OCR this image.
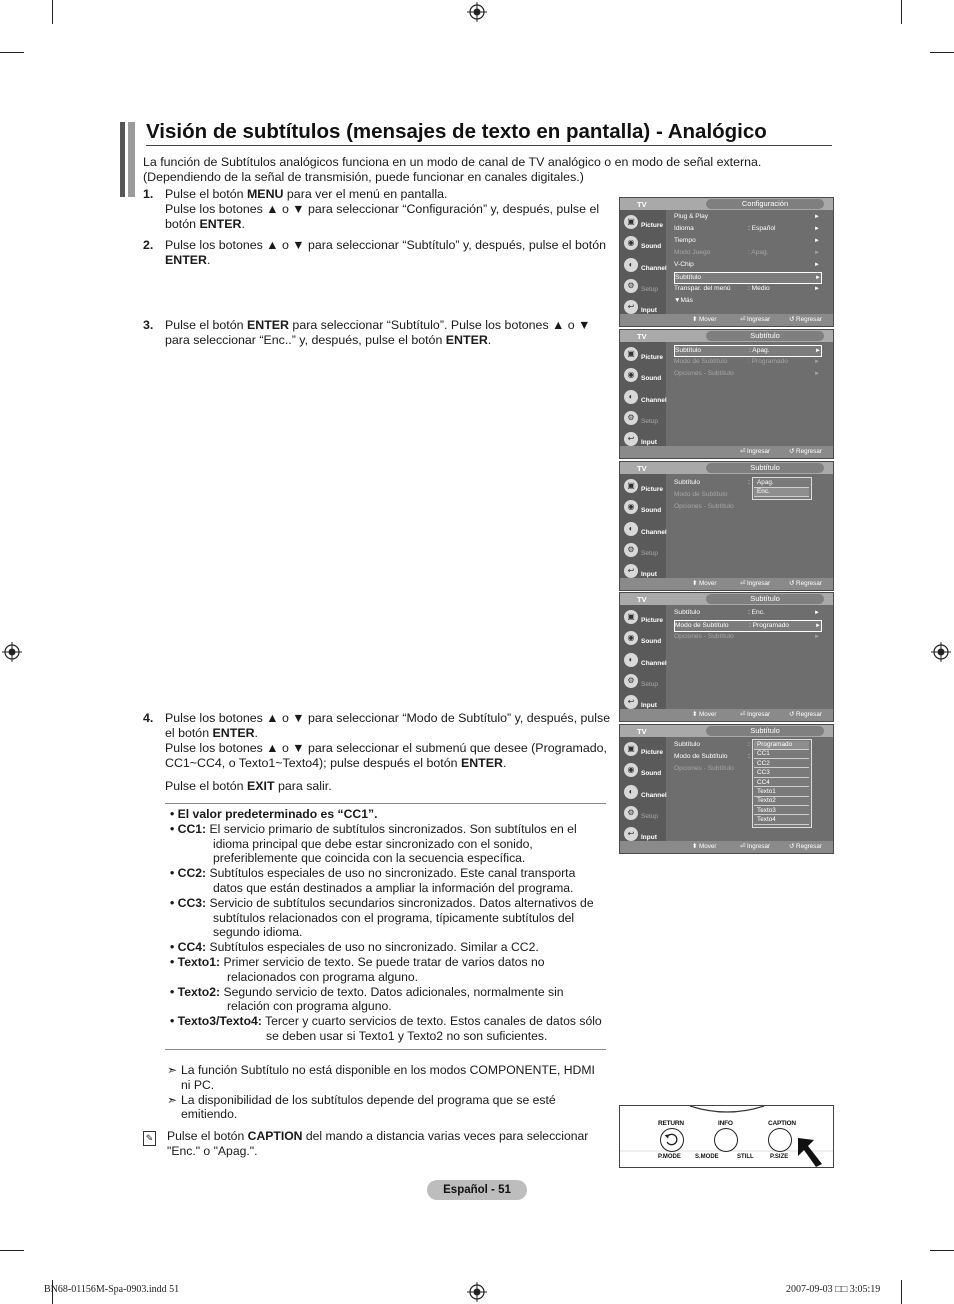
Visión de subtítulos (mensajes de texto en pantalla) - Analógico
La función de Subtítulos analógicos funciona en un modo de canal de TV analógico o en modo de señal externa. (Dependiendo de la señal de transmisión, puede funcionar en canales digitales.)
1. Pulse el botón MENU para ver el menú en pantalla.
Pulse los botones ▲ o ▼ para seleccionar “Configuración” y, después, pulse el botón ENTER.
2. Pulse los botones ▲ o ▼ para seleccionar “Subtítulo” y, después, pulse el botón ENTER.
3. Pulse el botón ENTER para seleccionar “Subtítulo”. Pulse los botones ▲ o ▼ para seleccionar “Enc..” y, después, pulse el botón ENTER.
4. Pulse los botones ▲ o ▼ para seleccionar “Modo de Subtítulo” y, después, pulse el botón ENTER.
Pulse los botones ▲ o ▼ para seleccionar el submenú que desee (Programado, CC1~CC4, o Texto1~Texto4); pulse después el botón ENTER.
Pulse el botón EXIT para salir.
• El valor predeterminado es “CC1”.
• CC1: El servicio primario de subtítulos sincronizados. Son subtítulos en el idioma principal que debe estar sincronizado con el sonido, preferiblemente que coincida con la secuencia específica.
• CC2: Subtítulos especiales de uso no sincronizado. Este canal transporta datos que están destinados a ampliar la información del programa.
• CC3: Servicio de subtítulos secundarios sincronizados. Datos alternativos de subtítulos relacionados con el programa, típicamente subtítulos del segundo idioma.
• CC4: Subtítulos especiales de uso no sincronizado. Similar a CC2.
• Texto1: Primer servicio de texto. Se puede tratar de varios datos no relacionados con programa alguno.
• Texto2: Segundo servicio de texto. Datos adicionales, normalmente sin relación con programa alguno.
• Texto3/Texto4: Tercer y cuarto servicios de texto. Estos canales de datos sólo se deben usar si Texto1 y Texto2 no son suficientes.
➣ La función Subtítulo no está disponible en los modos COMPONENTE, HDMI ni PC.
➣ La disponibilidad de los subtítulos depende del programa que se esté emitiendo.
✎ Pulse el botón CAPTION del mando a distancia varias veces para seleccionar "Enc." o "Apag.".
Español - 51
BN68-01156M-Spa-0903.indd 51	2007-09-03 □□ 3:05:19
TV	Configuración
▣ Picture
◉	Sound
◐	Channel
⚙ Setup
↩	Input
Plug & Play	►
Idioma	: Español	►
Tiempo	►
Modo Juego	: Apag.	►
V-Chip	►
Subtítulo	►
Transpar. del menú	: Medio	►
▼Más
⬍ Mover	⏎ Ingresar	↺ Regresar
TV	Subtítulo
▣ Picture
◉	Sound
◐	Channel
⚙ Setup
↩	Input
Subtítulo	: Apag.	►
Modo de Subtítulo	: Programado	►
Opciones - Subtítulo	►
⏎ Ingresar	↺ Regresar
TV	Subtítulo
▣ Picture
◉	Sound
◐	Channel
⚙ Setup
↩	Input
Subtítulo	:
Modo de Subtítulo
Opciones - Subtítulo
Apag.
Enc.
⬍ Mover	⏎ Ingresar	↺ Regresar
TV	Subtítulo
▣ Picture
◉	Sound
◐	Channel
⚙ Setup
↩	Input
Subtítulo	: Enc.	►
Modo de Subtítulo	: Programado	►
Opciones - Subtítulo	►
⬍ Mover	⏎ Ingresar	↺ Regresar
TV	Subtítulo
▣ Picture
◉	Sound
◐	Channel
⚙ Setup
↩	Input
Subtítulo	:
Modo de Subtítulo	:
Opciones - Subtítulo
Programado
CC1
CC2
CC3
CC4
Texto1
Texto2
Texto3
Texto4
⬍ Mover	⏎ Ingresar	↺ Regresar
RETURN	INFO	CAPTION
P.MODE S.MODE	STILL	P.SIZE
